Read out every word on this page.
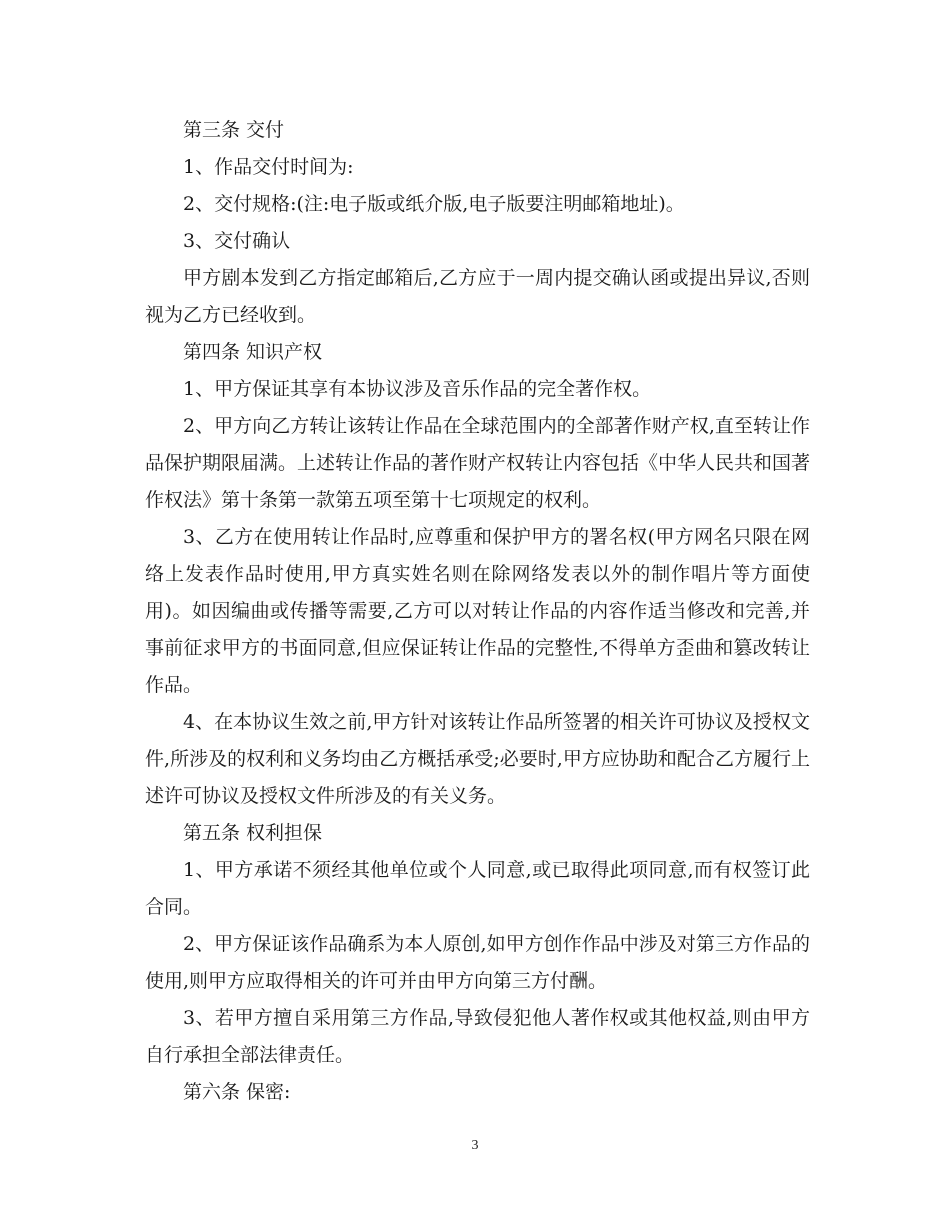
第三条 交付

1、作品交付时间为:

2、交付规格:(注:电子版或纸介版,电子版要注明邮箱地址)。

3、交付确认

甲方剧本发到乙方指定邮箱后,乙方应于一周内提交确认函或提出异议,否则视为乙方已经收到。

第四条 知识产权

1、甲方保证其享有本协议涉及音乐作品的完全著作权。

2、甲方向乙方转让该转让作品在全球范围内的全部著作财产权,直至转让作品保护期限届满。上述转让作品的著作财产权转让内容包括《中华人民共和国著作权法》第十条第一款第五项至第十七项规定的权利。

3、乙方在使用转让作品时,应尊重和保护甲方的署名权(甲方网名只限在网络上发表作品时使用,甲方真实姓名则在除网络发表以外的制作唱片等方面使用)。如因编曲或传播等需要,乙方可以对转让作品的内容作适当修改和完善,并事前征求甲方的书面同意,但应保证转让作品的完整性,不得单方歪曲和篡改转让作品。

4、在本协议生效之前,甲方针对该转让作品所签署的相关许可协议及授权文件,所涉及的权利和义务均由乙方概括承受;必要时,甲方应协助和配合乙方履行上述许可协议及授权文件所涉及的有关义务。

第五条 权利担保

1、甲方承诺不须经其他单位或个人同意,或已取得此项同意,而有权签订此合同。

2、甲方保证该作品确系为本人原创,如甲方创作作品中涉及对第三方作品的使用,则甲方应取得相关的许可并由甲方向第三方付酬。

3、若甲方擅自采用第三方作品,导致侵犯他人著作权或其他权益,则由甲方自行承担全部法律责任。

第六条 保密:

3
